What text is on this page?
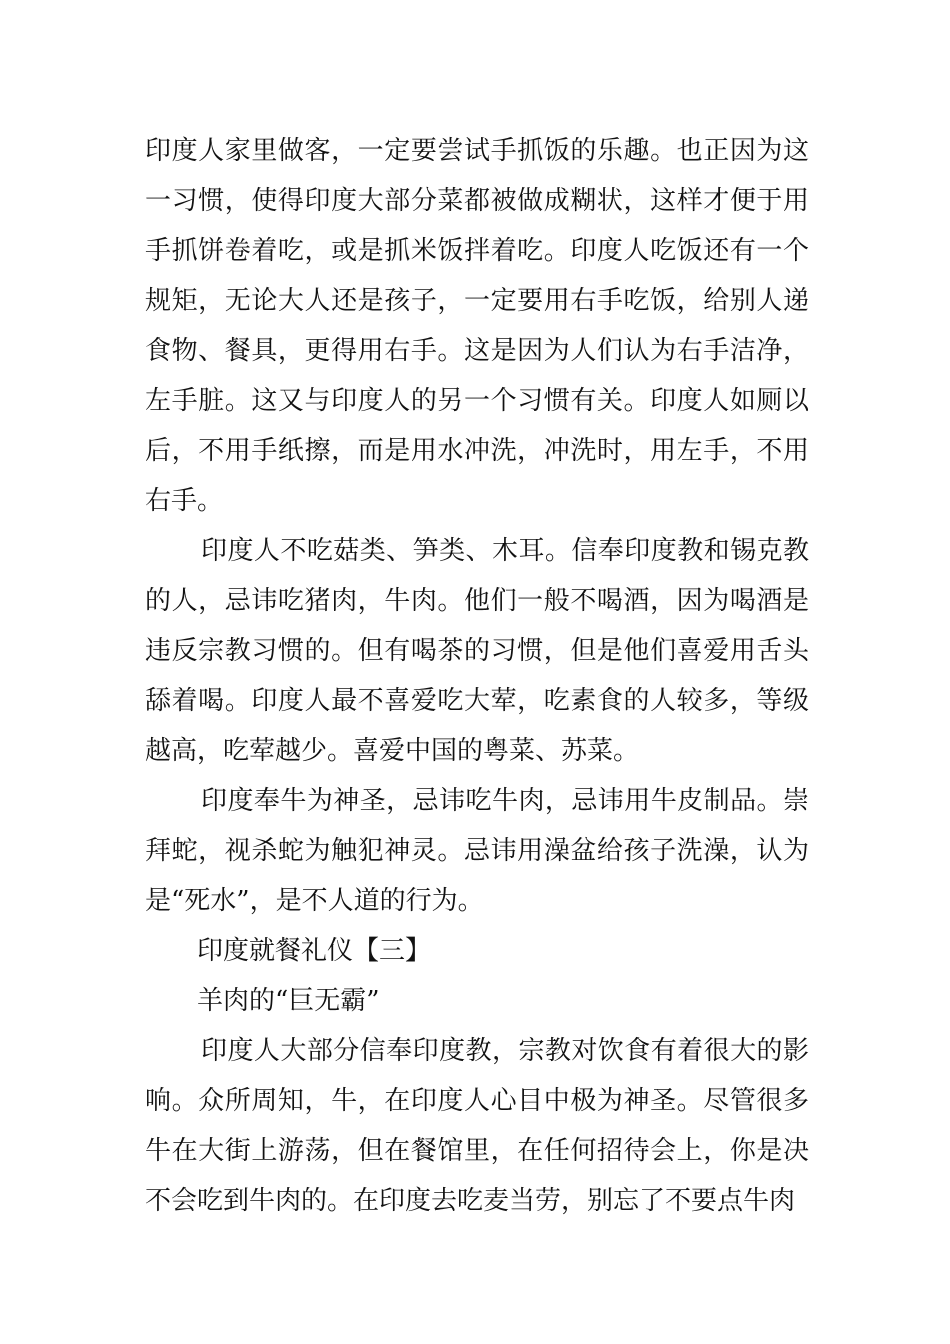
印度人家里做客，一定要尝试手抓饭的乐趣。也正因为这一习惯，使得印度大部分菜都被做成糊状，这样才便于用手抓饼卷着吃，或是抓米饭拌着吃。印度人吃饭还有一个规矩，无论大人还是孩子，一定要用右手吃饭，给别人递食物、餐具，更得用右手。这是因为人们认为右手洁净，左手脏。这又与印度人的另一个习惯有关。印度人如厕以后，不用手纸擦，而是用水冲洗，冲洗时，用左手，不用右手。

印度人不吃菇类、笋类、木耳。信奉印度教和锡克教的人，忌讳吃猪肉，牛肉。他们一般不喝酒，因为喝酒是违反宗教习惯的。但有喝茶的习惯，但是他们喜爱用舌头舔着喝。印度人最不喜爱吃大荤，吃素食的人较多，等级越高，吃荤越少。喜爱中国的粤菜、苏菜。

印度奉牛为神圣，忌讳吃牛肉，忌讳用牛皮制品。崇拜蛇，视杀蛇为触犯神灵。忌讳用澡盆给孩子洗澡，认为是“死水”，是不人道的行为。

印度就餐礼仪【三】

羊肉的“巨无霸”

印度人大部分信奉印度教，宗教对饮食有着很大的影响。众所周知，牛，在印度人心目中极为神圣。尽管很多牛在大街上游荡，但在餐馆里，在任何招待会上，你是决不会吃到牛肉的。在印度去吃麦当劳，别忘了不要点牛肉
